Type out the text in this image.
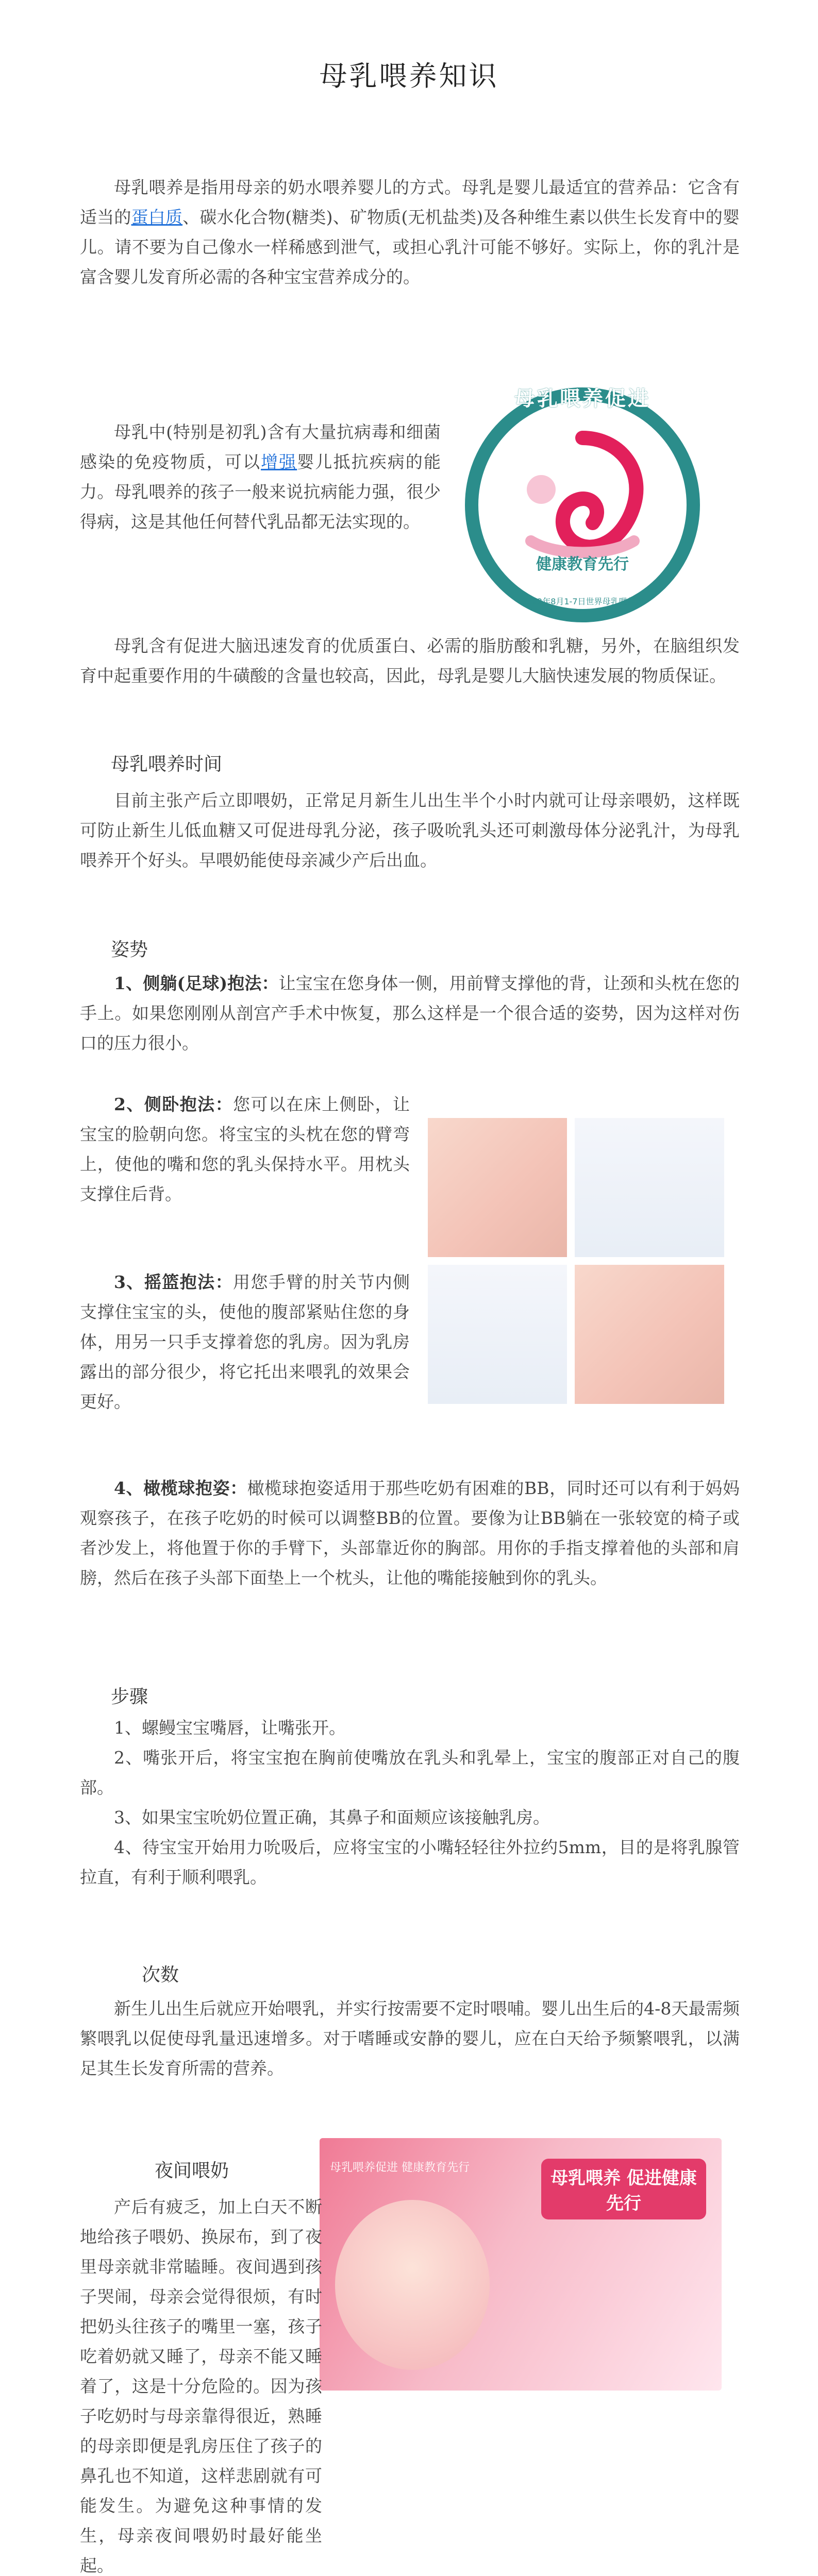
母乳喂养知识

母乳喂养是指用母亲的奶水喂养婴儿的方式。母乳是婴儿最适宜的营养品：它含有适当的蛋白质、碳水化合物(糖类)、矿物质(无机盐类)及各种维生素以供生长发育中的婴儿。请不要为自己像水一样稀感到泄气，或担心乳汁可能不够好。实际上，你的乳汁是富含婴儿发育所必需的各种宝宝营养成分的。

母乳中(特别是初乳)含有大量抗病毒和细菌感染的免疫物质，可以增强婴儿抵抗疾病的能力。母乳喂养的孩子一般来说抗病能力强，很少得病，这是其他任何替代乳品都无法实现的。

母乳含有促进大脑迅速发育的优质蛋白、必需的脂肪酸和乳糖，另外，在脑组织发育中起重要作用的牛磺酸的含量也较高，因此，母乳是婴儿大脑快速发展的物质保证。

母乳喂养促进
健康教育先行
2022年8月1-7日世界母乳喂养周
母乳喂养时间

目前主张产后立即喂奶，正常足月新生儿出生半个小时内就可让母亲喂奶，这样既可防止新生儿低血糖又可促进母乳分泌，孩子吸吮乳头还可刺激母体分泌乳汁，为母乳喂养开个好头。早喂奶能使母亲减少产后出血。

姿势

1、侧躺(足球)抱法：让宝宝在您身体一侧，用前臂支撑他的背，让颈和头枕在您的手上。如果您刚刚从剖宫产手术中恢复，那么这样是一个很合适的姿势，因为这样对伤口的压力很小。

2、侧卧抱法：您可以在床上侧卧，让宝宝的脸朝向您。将宝宝的头枕在您的臂弯上，使他的嘴和您的乳头保持水平。用枕头支撑住后背。

3、摇篮抱法：用您手臂的肘关节内侧支撑住宝宝的头，使他的腹部紧贴住您的身体，用另一只手支撑着您的乳房。因为乳房露出的部分很少，将它托出来喂乳的效果会更好。

4、橄榄球抱姿：橄榄球抱姿适用于那些吃奶有困难的BB，同时还可以有利于妈妈观察孩子，在孩子吃奶的时候可以调整BB的位置。要像为让BB躺在一张较宽的椅子或者沙发上，将他置于你的手臂下，头部靠近你的胸部。用你的手指支撑着他的头部和肩膀，然后在孩子头部下面垫上一个枕头，让他的嘴能接触到你的乳头。

步骤

1、螺鳗宝宝嘴唇，让嘴张开。

2、嘴张开后，将宝宝抱在胸前使嘴放在乳头和乳晕上，宝宝的腹部正对自己的腹部。

3、如果宝宝吮奶位置正确，其鼻子和面颊应该接触乳房。

4、待宝宝开始用力吮吸后，应将宝宝的小嘴轻轻往外拉约5mm，目的是将乳腺管拉直，有利于顺利喂乳。

次数

新生儿出生后就应开始喂乳，并实行按需要不定时喂哺。婴儿出生后的4-8天最需频繁喂乳以促使母乳量迅速增多。对于嗜睡或安静的婴儿，应在白天给予频繁喂乳，以满足其生长发育所需的营养。

夜间喂奶	母乳喂养 促进健康先行
母乳喂养促进 健康教育先行

产后有疲乏，加上白天不断地给孩子喂奶、换尿布，到了夜里母亲就非常瞌睡。夜间遇到孩子哭闹，母亲会觉得很烦，有时把奶头往孩子的嘴里一塞，孩子吃着奶就又睡了，母亲不能又睡着了，这是十分危险的。因为孩子吃奶时与母亲靠得很近，熟睡的母亲即便是乳房压住了孩子的鼻孔也不知道，这样悲剧就有可能发生。为避免这种事情的发生，母亲夜间喂奶时最好能坐起。
